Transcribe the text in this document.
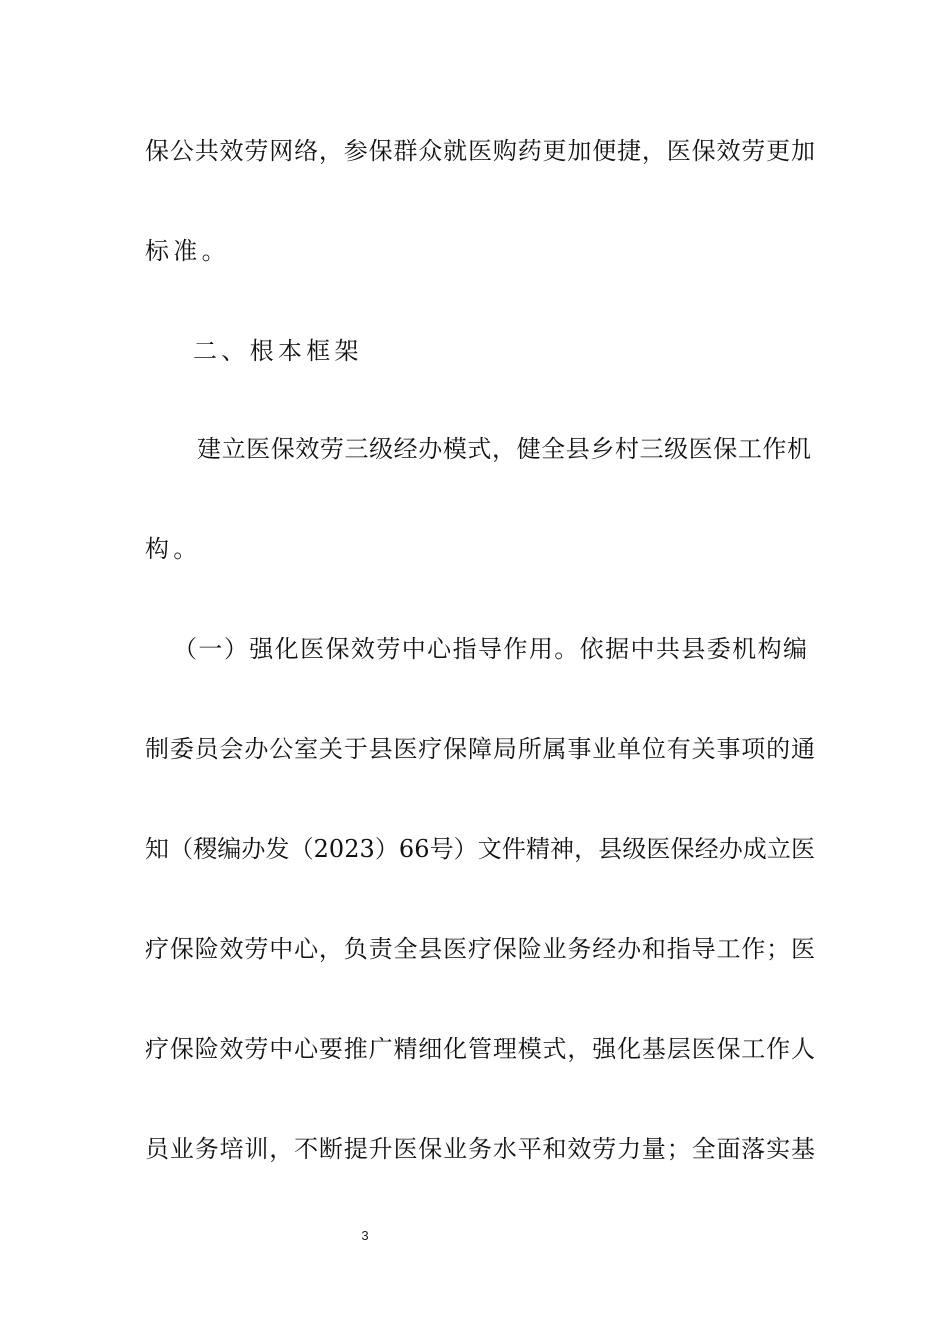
保公共效劳网络，参保群众就医购药更加便捷，医保效劳更加
标准。
二、根本框架
建立医保效劳三级经办模式，健全县乡村三级医保工作机
构。
（一）强化医保效劳中心指导作用。依据中共县委机构编
制委员会办公室关于县医疗保障局所属事业单位有关事项的通
知（稷编办发（2023）66号）文件精神，县级医保经办成立医
疗保险效劳中心，负责全县医疗保险业务经办和指导工作；医
疗保险效劳中心要推广精细化管理模式，强化基层医保工作人
员业务培训，不断提升医保业务水平和效劳力量；全面落实基
3
